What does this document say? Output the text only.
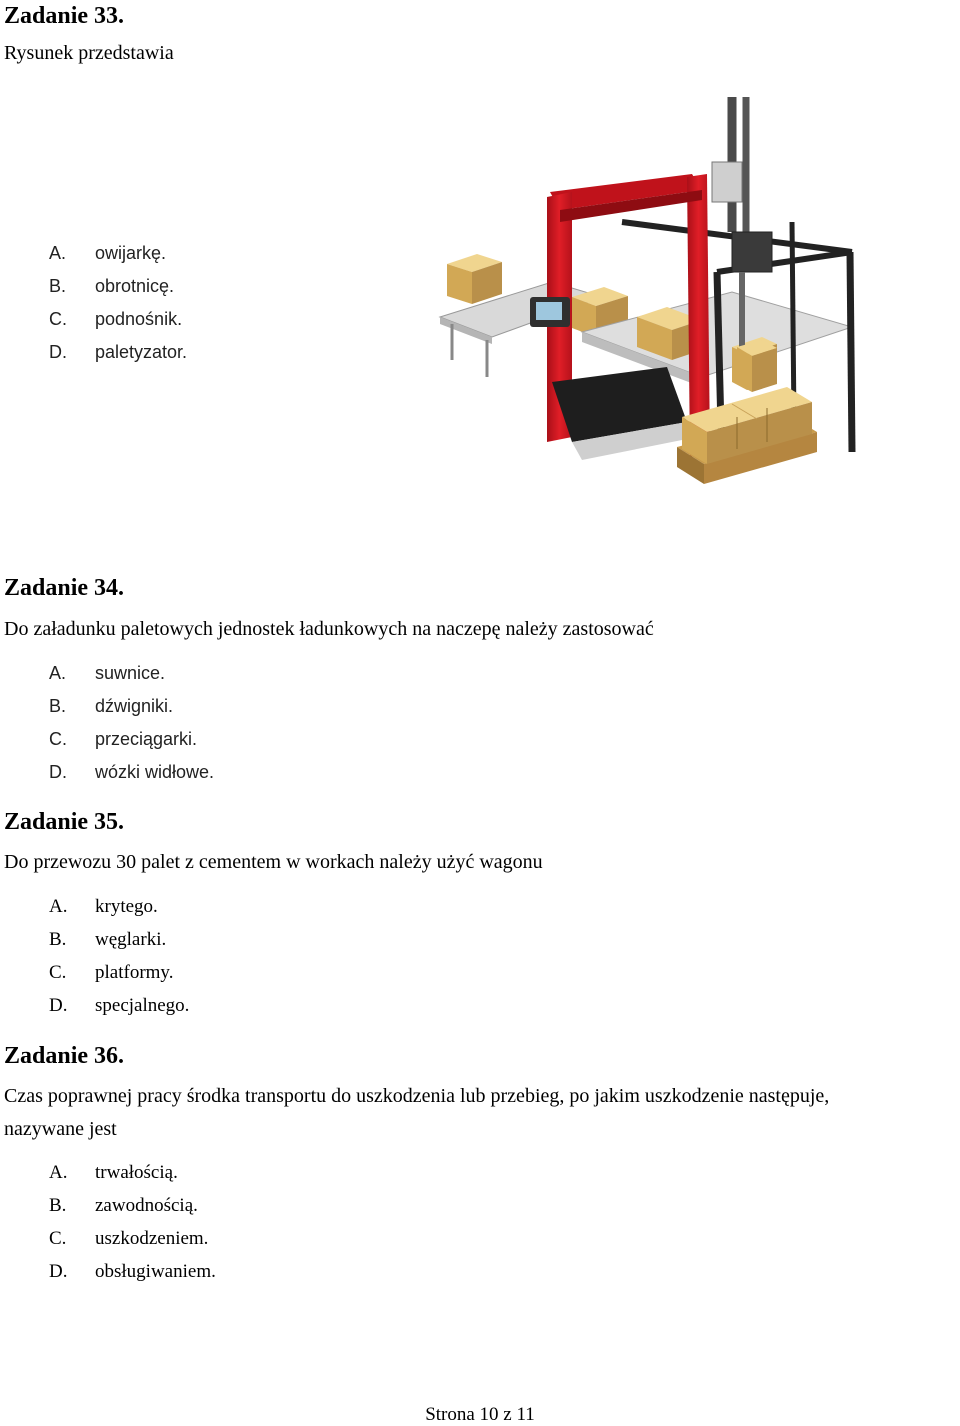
Zadanie 33.
Rysunek przedstawia
A. owijarkę.
B. obrotnicę.
C. podnośnik.
D. paletyzator.
Zadanie 34.
Do załadunku paletowych jednostek ładunkowych na naczepę należy zastosować
A. suwnice.
B. dźwigniki.
C. przeciągarki.
D. wózki widłowe.
Zadanie 35.
Do przewozu 30 palet z cementem w workach należy użyć wagonu
A. krytego.
B. węglarki.
C. platformy.
D. specjalnego.
Zadanie 36.
Czas poprawnej pracy środka transportu do uszkodzenia lub przebieg, po jakim uszkodzenie następuje,
nazywane jest
A. trwałością.
B. zawodnością.
C. uszkodzeniem.
D. obsługiwaniem.
Strona 10 z 11
